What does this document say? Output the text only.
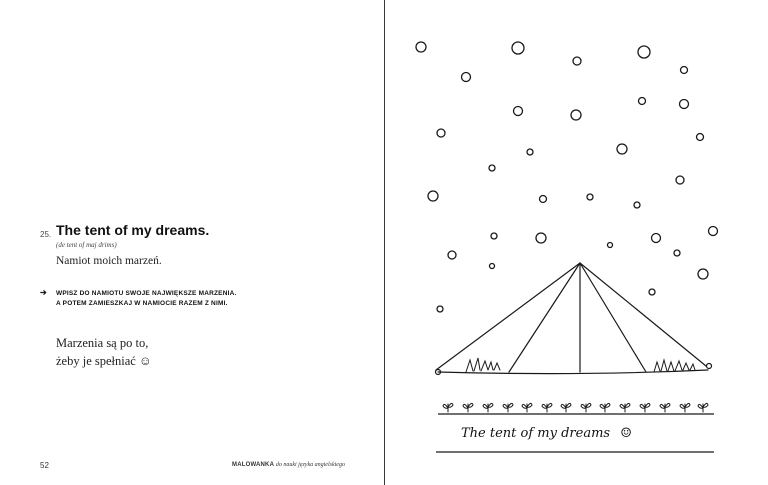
25. The tent of my dreams.
(de tent of maj drims)
Namiot moich marzeń.
➔ WPISZ DO NAMIOTU SWOJE NAJWIĘKSZE MARZENIA.
A POTEM ZAMIESZKAJ W NAMIOCIE RAZEM Z NIMI.
Marzenia są po to,
żeby je spełniać ☺
52	MALOWANKA do nauki języka angielskiego
The tent of my dreams ☺
